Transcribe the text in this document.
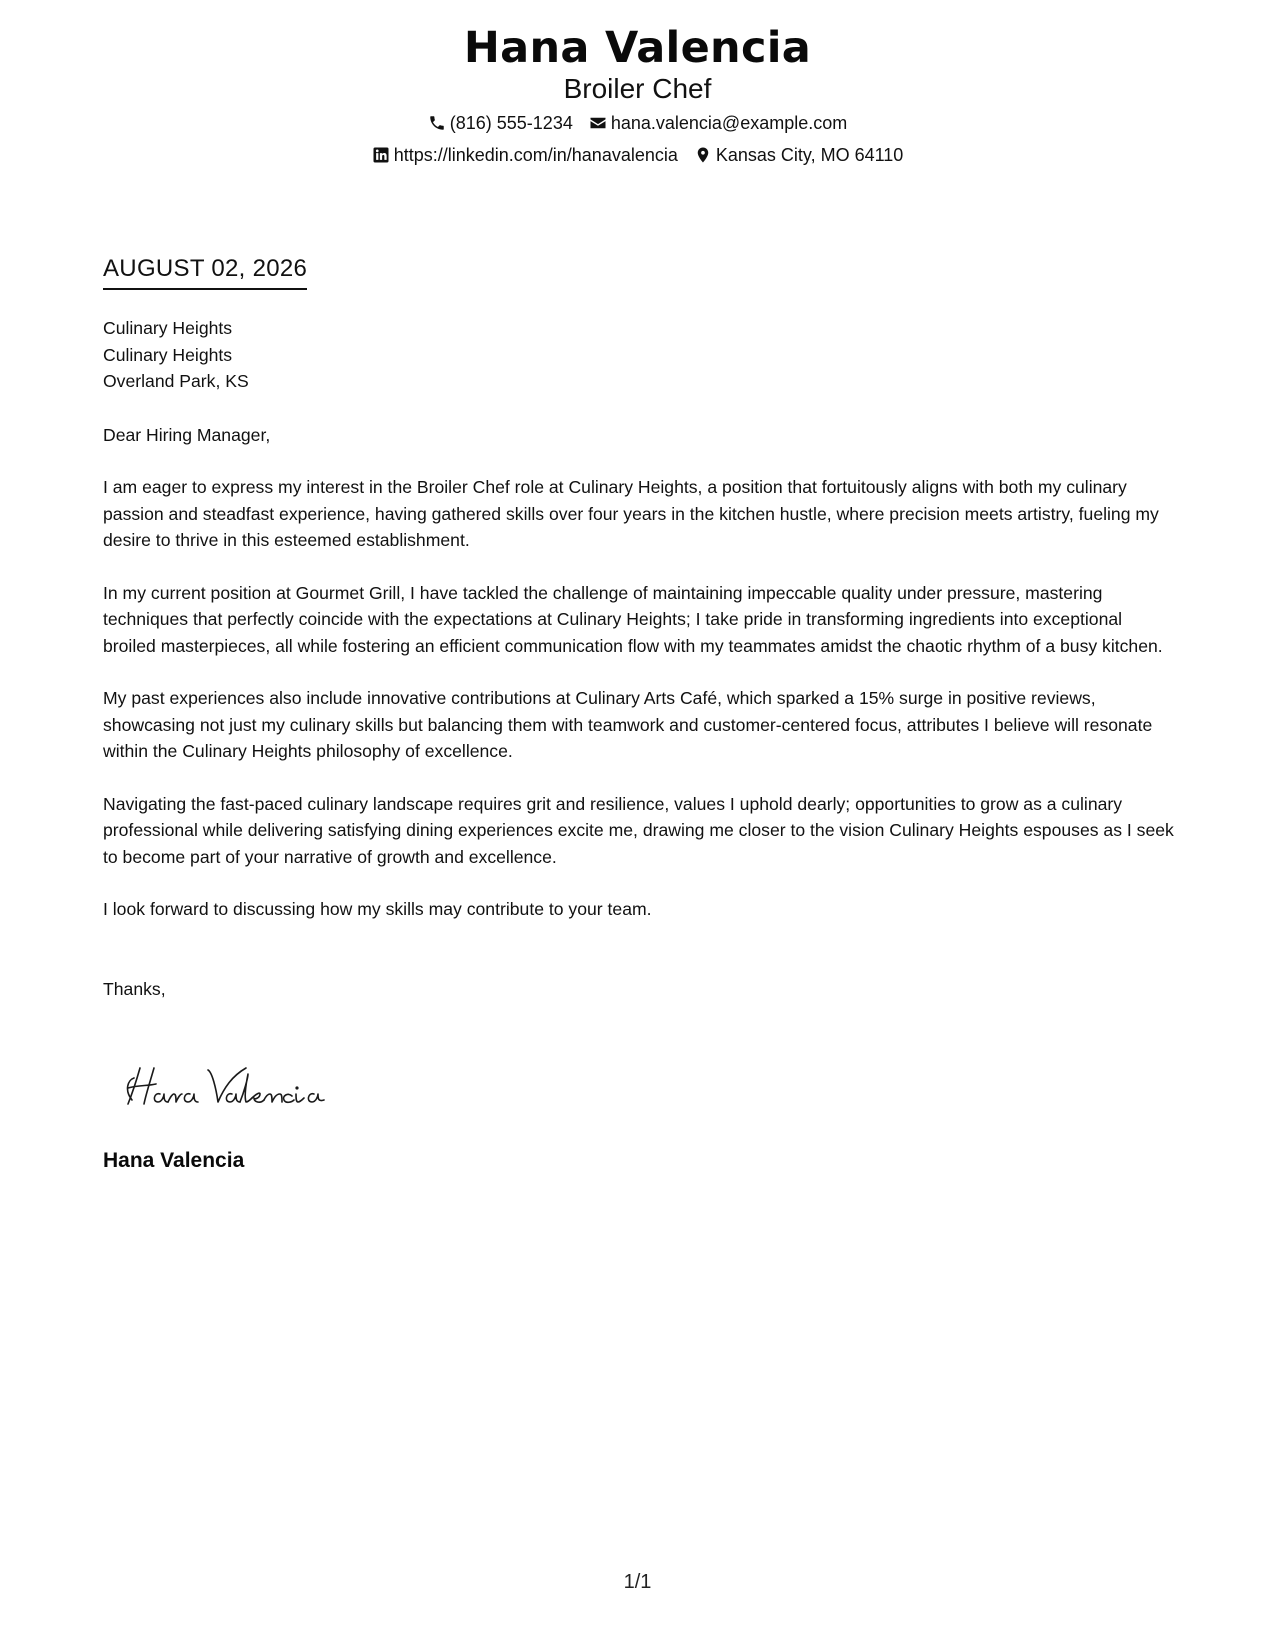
Hana Valencia
Broiler Chef
(816) 555-1234 hana.valencia@example.com
https://linkedin.com/in/hanavalencia Kansas City, MO 64110
AUGUST 02, 2026
Culinary Heights
Culinary Heights
Overland Park, KS
Dear Hiring Manager,

I am eager to express my interest in the Broiler Chef role at Culinary Heights, a position that fortuitously aligns with both my culinary passion and steadfast experience, having gathered skills over four years in the kitchen hustle, where precision meets artistry, fueling my desire to thrive in this esteemed establishment.

In my current position at Gourmet Grill, I have tackled the challenge of maintaining impeccable quality under pressure, mastering techniques that perfectly coincide with the expectations at Culinary Heights; I take pride in transforming ingredients into exceptional broiled masterpieces, all while fostering an efficient communication flow with my teammates amidst the chaotic rhythm of a busy kitchen.

My past experiences also include innovative contributions at Culinary Arts Café, which sparked a 15% surge in positive reviews, showcasing not just my culinary skills but balancing them with teamwork and customer-centered focus, attributes I believe will resonate within the Culinary Heights philosophy of excellence.

Navigating the fast-paced culinary landscape requires grit and resilience, values I uphold dearly; opportunities to grow as a culinary professional while delivering satisfying dining experiences excite me, drawing me closer to the vision Culinary Heights espouses as I seek to become part of your narrative of growth and excellence.

I look forward to discussing how my skills may contribute to your team.
Thanks,
Hana Valencia
1/1
